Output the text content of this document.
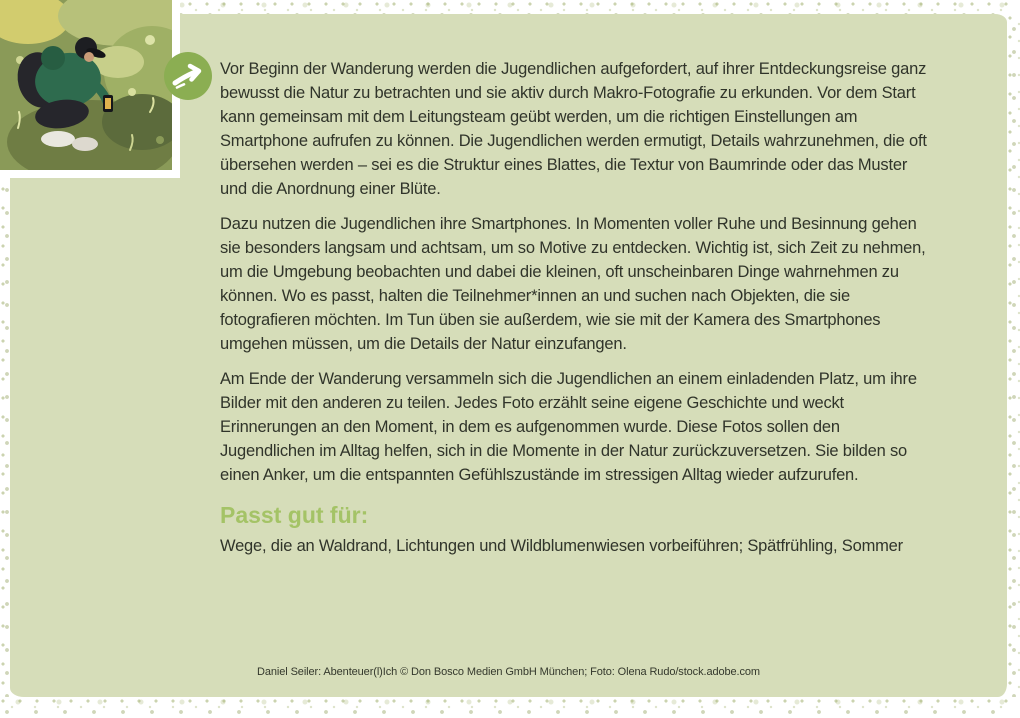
Vor Beginn der Wanderung werden die Jugendlichen aufgefordert, auf ihrer Entdeckungsreise ganz bewusst die Natur zu betrachten und sie aktiv durch Makro-Fotografie zu erkunden. Vor dem Start kann gemeinsam mit dem Leitungsteam geübt werden, um die richtigen Einstellungen am Smartphone aufrufen zu können. Die Jugendlichen werden ermutigt, Details wahrzunehmen, die oft übersehen werden – sei es die Struktur eines Blattes, die Textur von Baumrinde oder das Muster und die Anordnung einer Blüte.

Dazu nutzen die Jugendlichen ihre Smartphones. In Momenten voller Ruhe und Besinnung gehen sie besonders langsam und achtsam, um so Motive zu entdecken. Wichtig ist, sich Zeit zu nehmen, um die Umgebung beobachten und dabei die kleinen, oft unscheinbaren Dinge wahrnehmen zu können. Wo es passt, halten die Teilnehmer*innen an und suchen nach Objekten, die sie fotografieren möchten. Im Tun üben sie außerdem, wie sie mit der Kamera des Smartphones umgehen müssen, um die Details der Natur einzufangen.

Am Ende der Wanderung versammeln sich die Jugendlichen an einem einladenden Platz, um ihre Bilder mit den anderen zu teilen. Jedes Foto erzählt seine eigene Geschichte und weckt Erinnerungen an den Moment, in dem es aufgenommen wurde. Diese Fotos sollen den Jugendlichen im Alltag helfen, sich in die Momente in der Natur zurückzuversetzen. Sie bilden so einen Anker, um die entspannten Gefühlszustände im stressigen Alltag wieder aufzurufen.

Passt gut für:

Wege, die an Waldrand, Lichtungen und Wildblumenwiesen vorbeiführen; Spätfrühling, Sommer

Daniel Seiler: Abenteuer(l)Ich © Don Bosco Medien GmbH München; Foto: Olena Rudo/stock.adobe.com
